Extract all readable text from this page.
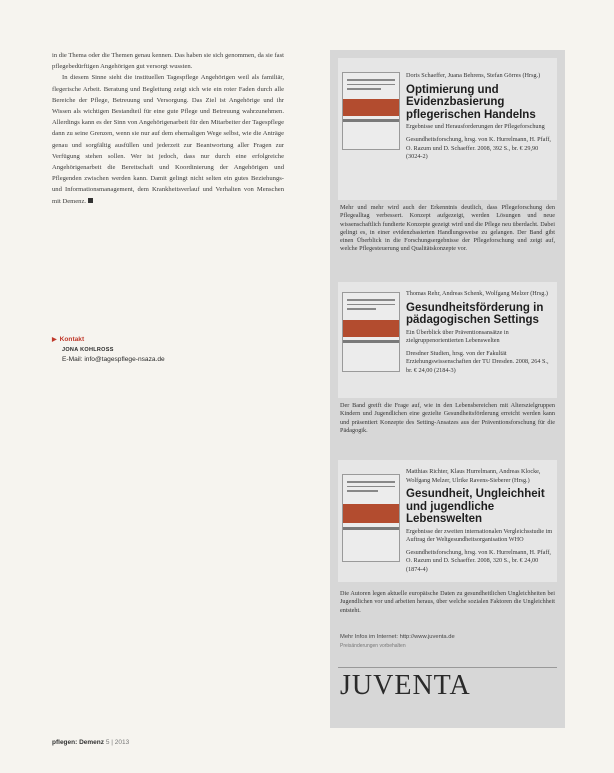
in die Thema oder die Themen genau kennen. Das haben sie sich genommen, da sie fast pflegebedürftigen Angehörigen gut versorgt wussten.

In diesem Sinne sieht die instituellen Tagespflege Angehörigen weil als familiär, flegerische Arbeit. Beratung und Begleitung zeigt sich wie ein roter Faden durch alle Bereiche der Pflege, Betreuung und Versorgung. Das Ziel ist Angehörige und ihr Wissen als wichtigen Bestandteil für eine gute Pflege und Betreuung wahrzunehmen. Allerdings kann es der Sinn von Angehörigenarbeit für den Mitarbeiter der Tagespflege dann zu seine Grenzen, wenn sie nur auf dem ehemaligen Wege selbst, wie die Anträge genau und sorgfältig ausfüllen und jederzeit zur Beantwortung aller Fragen zur Verfügung stehen sollen. Wer ist jedoch, dass nur durch eine erfolgreiche Angehörigenarbeit die Bereitschaft und Koordinierung der Angehörigen und Pflegenden zwischen werden kann. Damit gelingt nicht selten ein gutes Beziehungs- und Informationsmanagement, dem Krankheitsverlauf und Verhalten von Menschen mit Demenz.

▶ Kontakt
JONA KOHLROSS
E-Mail: info@tagespflege-nsaza.de
pflegen: Demenz 5 | 2013
Doris Schaeffer, Juana Behrens, Stefan Görres (Hrsg.)
Optimierung und Evidenzbasierung pflegerischen Handelns
Ergebnisse und Herausforderungen der Pflegeforschung
Gesundheitsforschung, hrsg. von K. Hurrelmann, H. Pfaff, O. Razum und D. Schaeffer. 2008, 392 S., br. € 29,90 (3024-2)
Mehr und mehr wird auch der Erkenntnis deutlich, dass Pflegeforschung den Pflegealltag verbessert. Konzept aufgezeigt, werden Lösungen und neue wissenschaftlich fundierte Konzepte gezeigt wird und die Pflege neu überdacht. Dabei gelingt es, in einer evidenzbasierten Handlungsweise zu gelangen. Der Band gibt einen Überblick in die Forschungsergebnisse der Pflegeforschung und zeigt auf, welche Pflegesteuerung und Qualitätskonzepte vor.
Thomas Rehr, Andreas Schenk, Wolfgang Melzer (Hrsg.)
Gesundheitsförderung in pädagogischen Settings
Ein Überblick über Präventionsansätze in zielgruppenorientierten Lebenswelten
Dresdner Studien, hrsg. von der Fakultät Erziehungswissenschaften der TU Dresden. 2008, 264 S., br. € 24,00 (2184-3)
Der Band greift die Frage auf, wie in den Lebensbereichen mit Alterszielgruppen Kindern und Jugendlichen eine gezielte Gesundheitsförderung erreicht werden kann und präsentiert Konzepte des Setting-Ansatzes aus der Präventionsforschung für die Pädagogik.
Matthias Richter, Klaus Hurrelmann, Andreas Klocke, Wolfgang Melzer, Ulrike Ravens-Sieberer (Hrsg.)
Gesundheit, Ungleichheit und jugendliche Lebenswelten
Ergebnisse der zweiten internationalen Vergleichsstudie im Auftrag der Weltgesundheitsorganisation WHO
Gesundheitsforschung, hrsg. von K. Hurrelmann, H. Pfaff, O. Razum und D. Schaeffer. 2008, 320 S., br. € 24,00 (1874-4)
Die Autoren legen aktuelle europäische Daten zu gesundheitlichen Ungleichheiten bei Jugendlichen vor und arbeiten heraus, über welche sozialen Faktoren die Ungleichheit entsteht.
Mehr Infos im Internet: http://www.juventa.de
Preisänderungen vorbehalten
JUVENTA
